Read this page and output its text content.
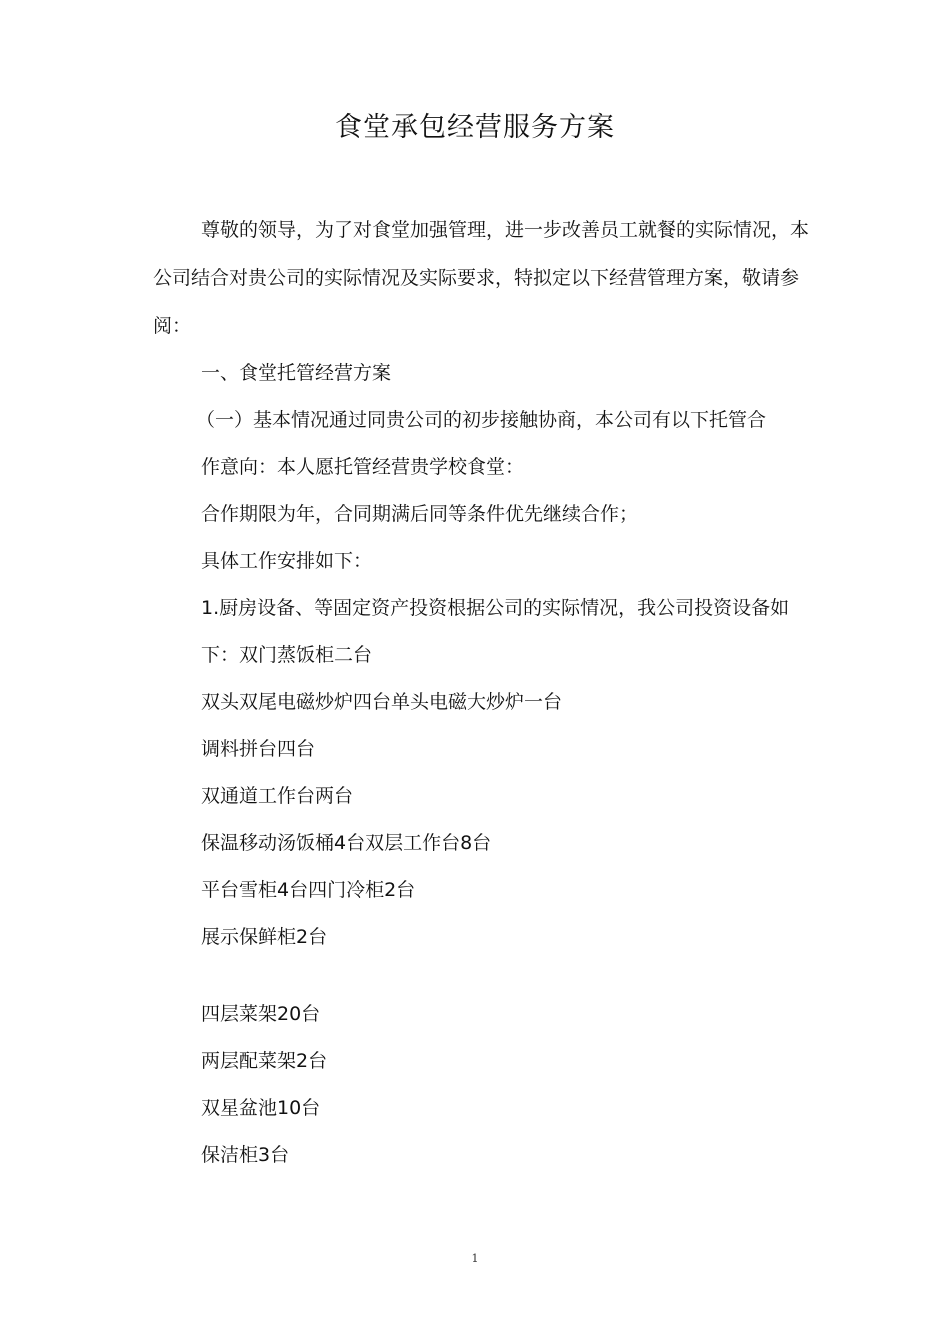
食堂承包经营服务方案

尊敬的领导，为了对食堂加强管理，进一步改善员工就餐的实际情况，本公司结合对贵公司的实际情况及实际要求，特拟定以下经营管理方案，敬请参阅：

一、食堂托管经营方案

（一）基本情况通过同贵公司的初步接触协商，本公司有以下托管合

作意向：本人愿托管经营贵学校食堂：

合作期限为年，合同期满后同等条件优先继续合作；

具体工作安排如下：

1.厨房设备、等固定资产投资根据公司的实际情况，我公司投资设备如

下：双门蒸饭柜二台

双头双尾电磁炒炉四台单头电磁大炒炉一台

调料拼台四台

双通道工作台两台

保温移动汤饭桶4台双层工作台8台

平台雪柜4台四门冷柜2台

展示保鲜柜2台

四层菜架20台

两层配菜架2台

双星盆池10台

保洁柜3台

1
